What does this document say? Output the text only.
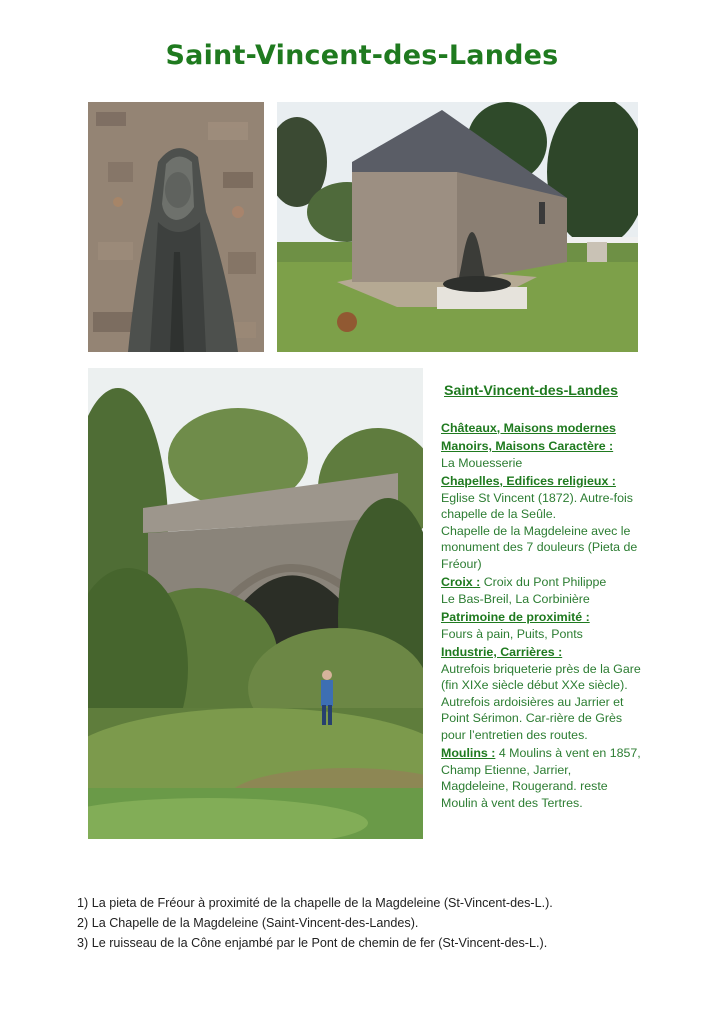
Saint-Vincent-des-Landes
Saint-Vincent-des-Landes
Châteaux, Maisons modernes
Manoirs, Maisons Caractère :
La Mouesserie
Chapelles, Edifices religieux :
Eglise St Vincent (1872). Autre-fois chapelle de la Seûle.
Chapelle de la Magdeleine avec le monument des 7 douleurs (Pieta de Fréour)
Croix : Croix du Pont Philippe
Le Bas-Breil, La Corbinière
Patrimoine de proximité :
Fours à pain, Puits, Ponts
Industrie, Carrières :
Autrefois briqueterie près de la Gare (fin XIXe siècle début XXe siècle). Autrefois ardoisières au Jarrier et Point Sérimon. Car-rière de Grès pour l’entretien des routes.
Moulins : 4 Moulins à vent en 1857, Champ Etienne, Jarrier, Magdeleine, Rougerand. reste Moulin à vent des Tertres.
1) La pieta de Fréour à proximité de la chapelle de la Magdeleine (St-Vincent-des-L.).
2) La Chapelle de la Magdeleine (Saint-Vincent-des-Landes).
3) Le ruisseau de la Cône enjambé par le Pont de chemin de fer (St-Vincent-des-L.).
